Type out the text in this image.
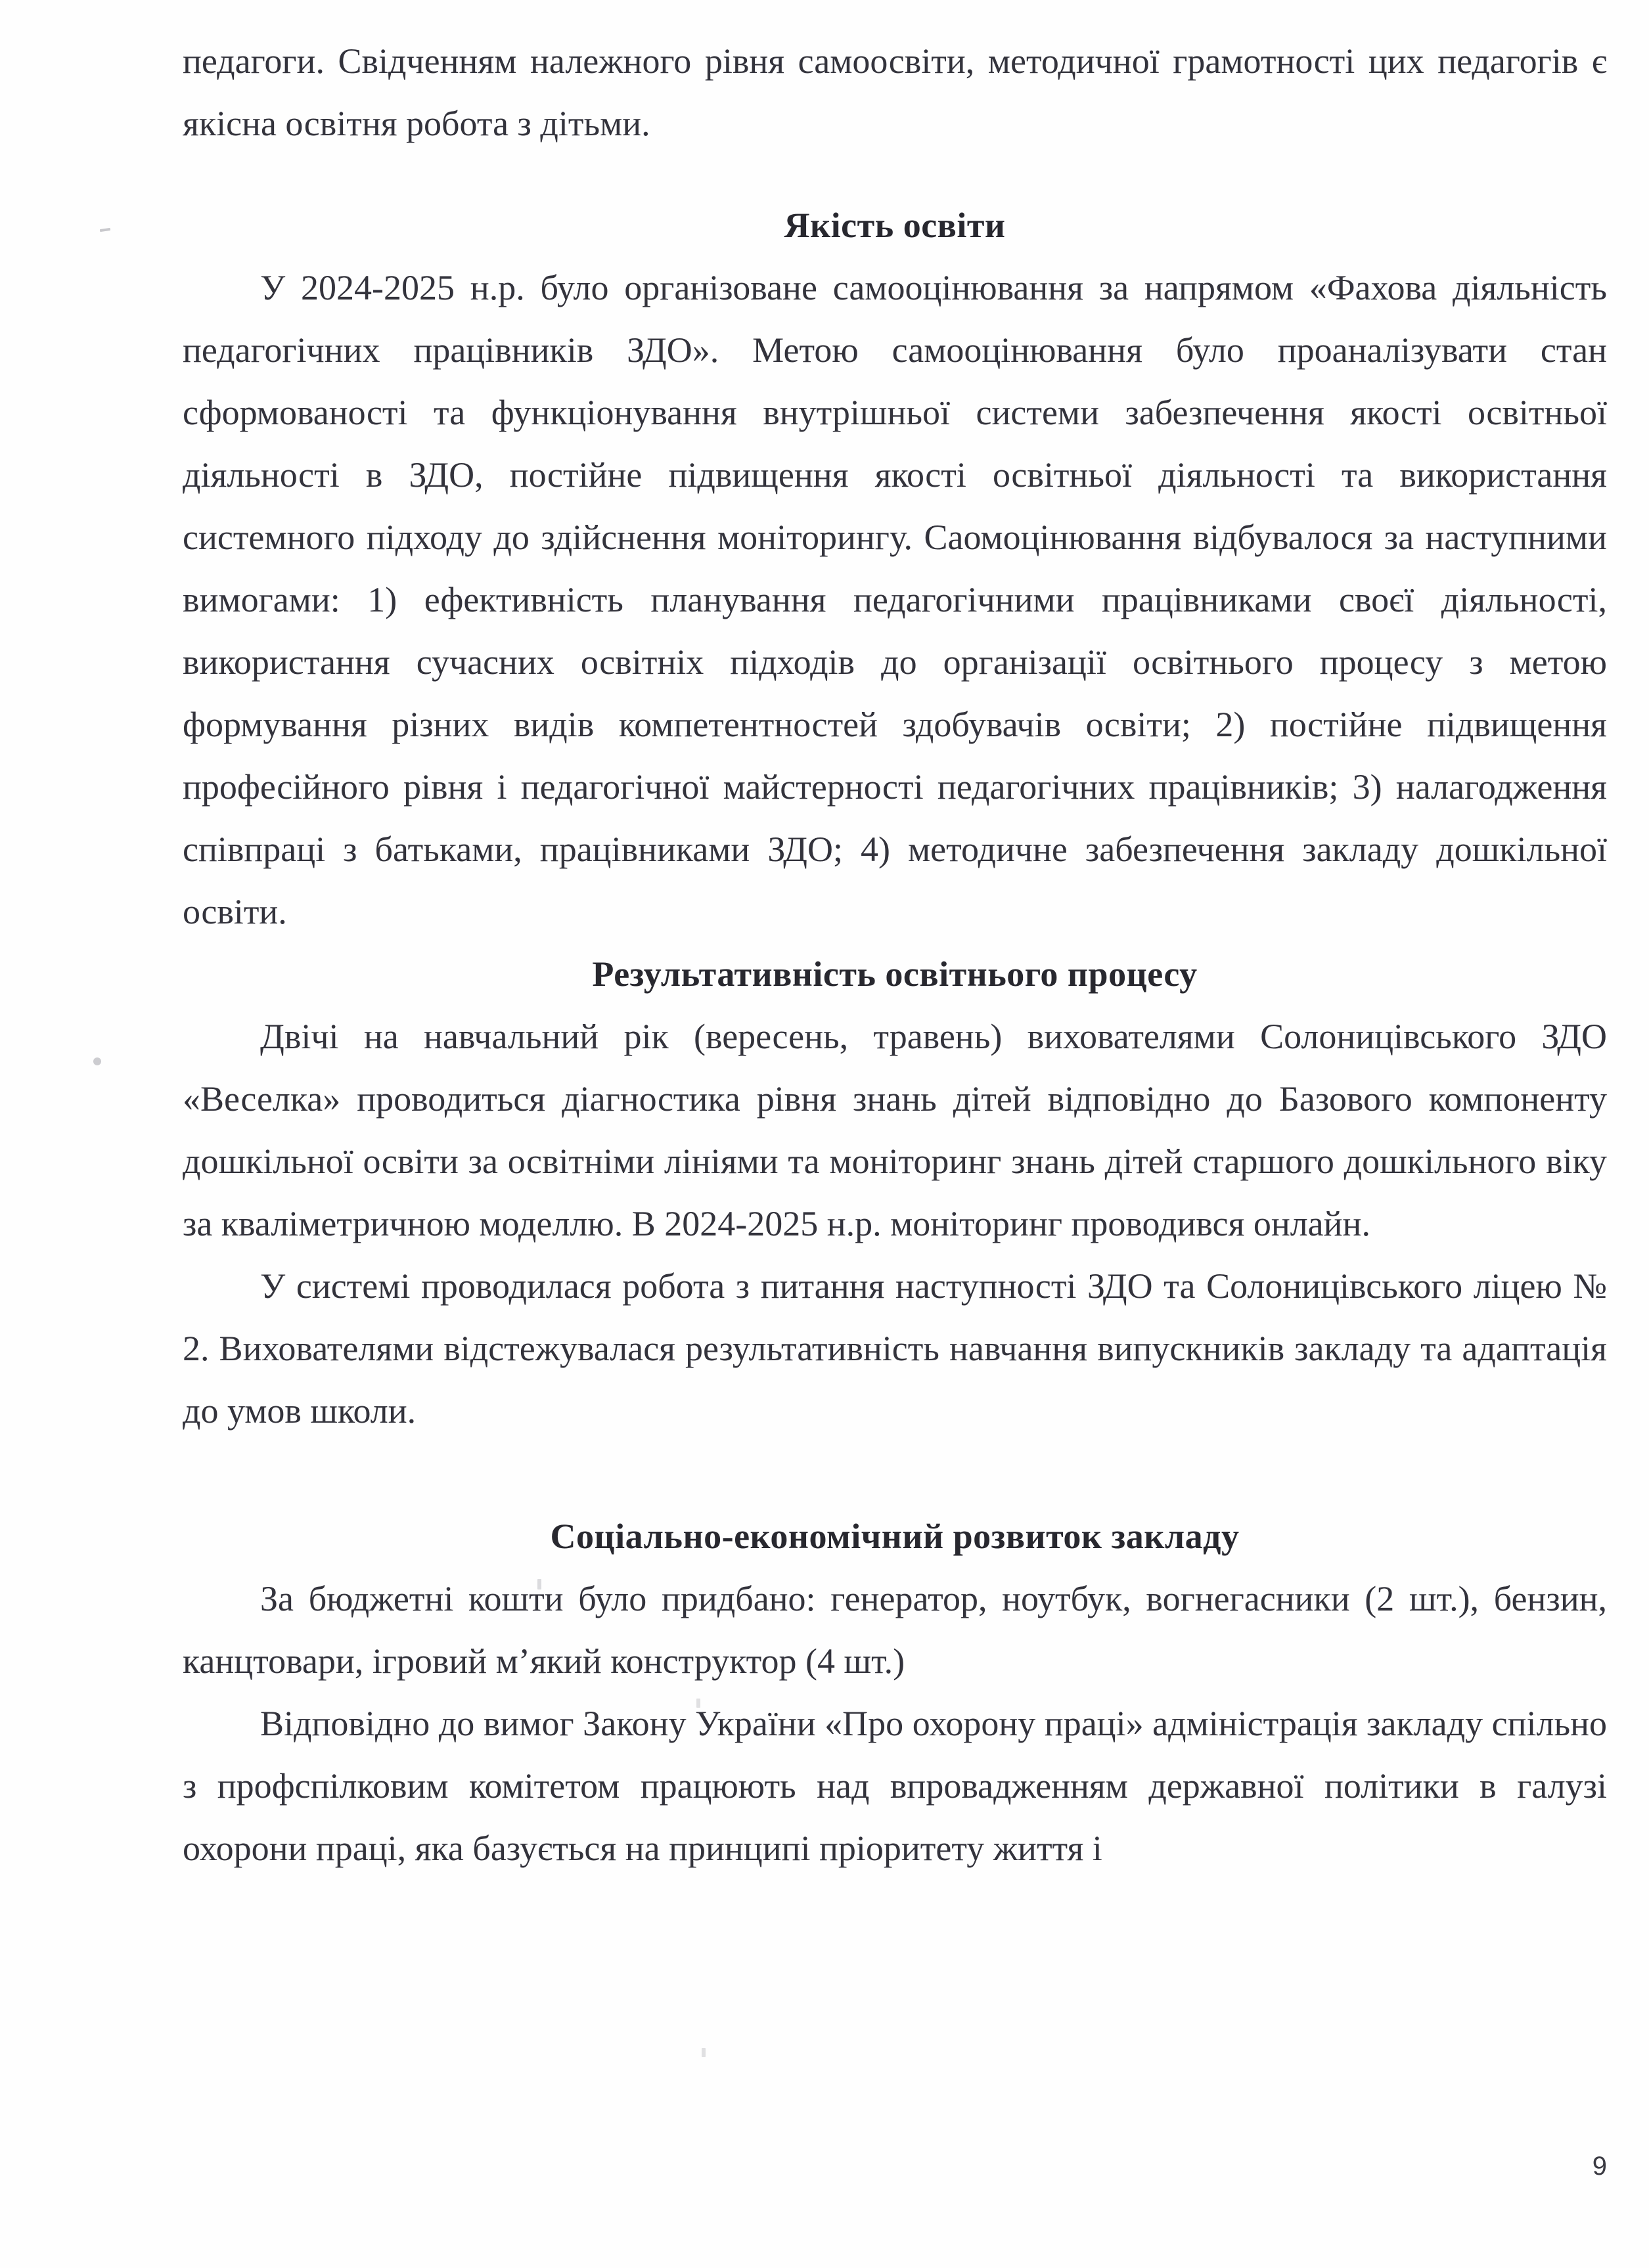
педагоги. Свідченням належного рівня самоосвіти, методичної грамотності цих педагогів є якісна освітня робота з дітьми.

Якість освіти

У 2024-2025 н.р. було організоване самооцінювання за напрямом «Фахова діяльність педагогічних працівників ЗДО». Метою самооцінювання було проаналізувати стан сформованості та функціонування внутрішньої системи забезпечення якості освітньої діяльності в ЗДО, постійне підвищення якості освітньої діяльності та використання системного підходу до здійснення моніторингу. Саомоцінювання відбувалося за наступними вимогами: 1) ефективність планування педагогічними працівниками своєї діяльності, використання сучасних освітніх підходів до організації освітнього процесу з метою формування різних видів компетентностей здобувачів освіти; 2) постійне підвищення професійного рівня і педагогічної майстерності педагогічних працівників; 3) налагодження співпраці з батьками, працівниками ЗДО; 4) методичне забезпечення закладу дошкільної освіти.

Результативність освітнього процесу

Двічі на навчальний рік (вересень, травень) вихователями Солоницівського ЗДО «Веселка» проводиться діагностика рівня знань дітей відповідно до Базового компоненту дошкільної освіти за освітніми лініями та моніторинг знань дітей старшого дошкільного віку за кваліметричною моделлю. В 2024-2025 н.р. моніторинг проводився онлайн.

У системі проводилася робота з питання наступності ЗДО та Солоницівського ліцею № 2. Вихователями відстежувалася результативність навчання випускників закладу та адаптація до умов школи.

Соціально-економічний розвиток закладу

За бюджетні кошти було придбано: генератор, ноутбук, вогнегасники (2 шт.), бензин, канцтовари, ігровий м’який конструктор (4 шт.)

Відповідно до вимог Закону України «Про охорону праці» адміністрація закладу спільно з профспілковим комітетом працюють над впровадженням державної політики в галузі охорони праці, яка базується на принципі пріоритету життя і

9
